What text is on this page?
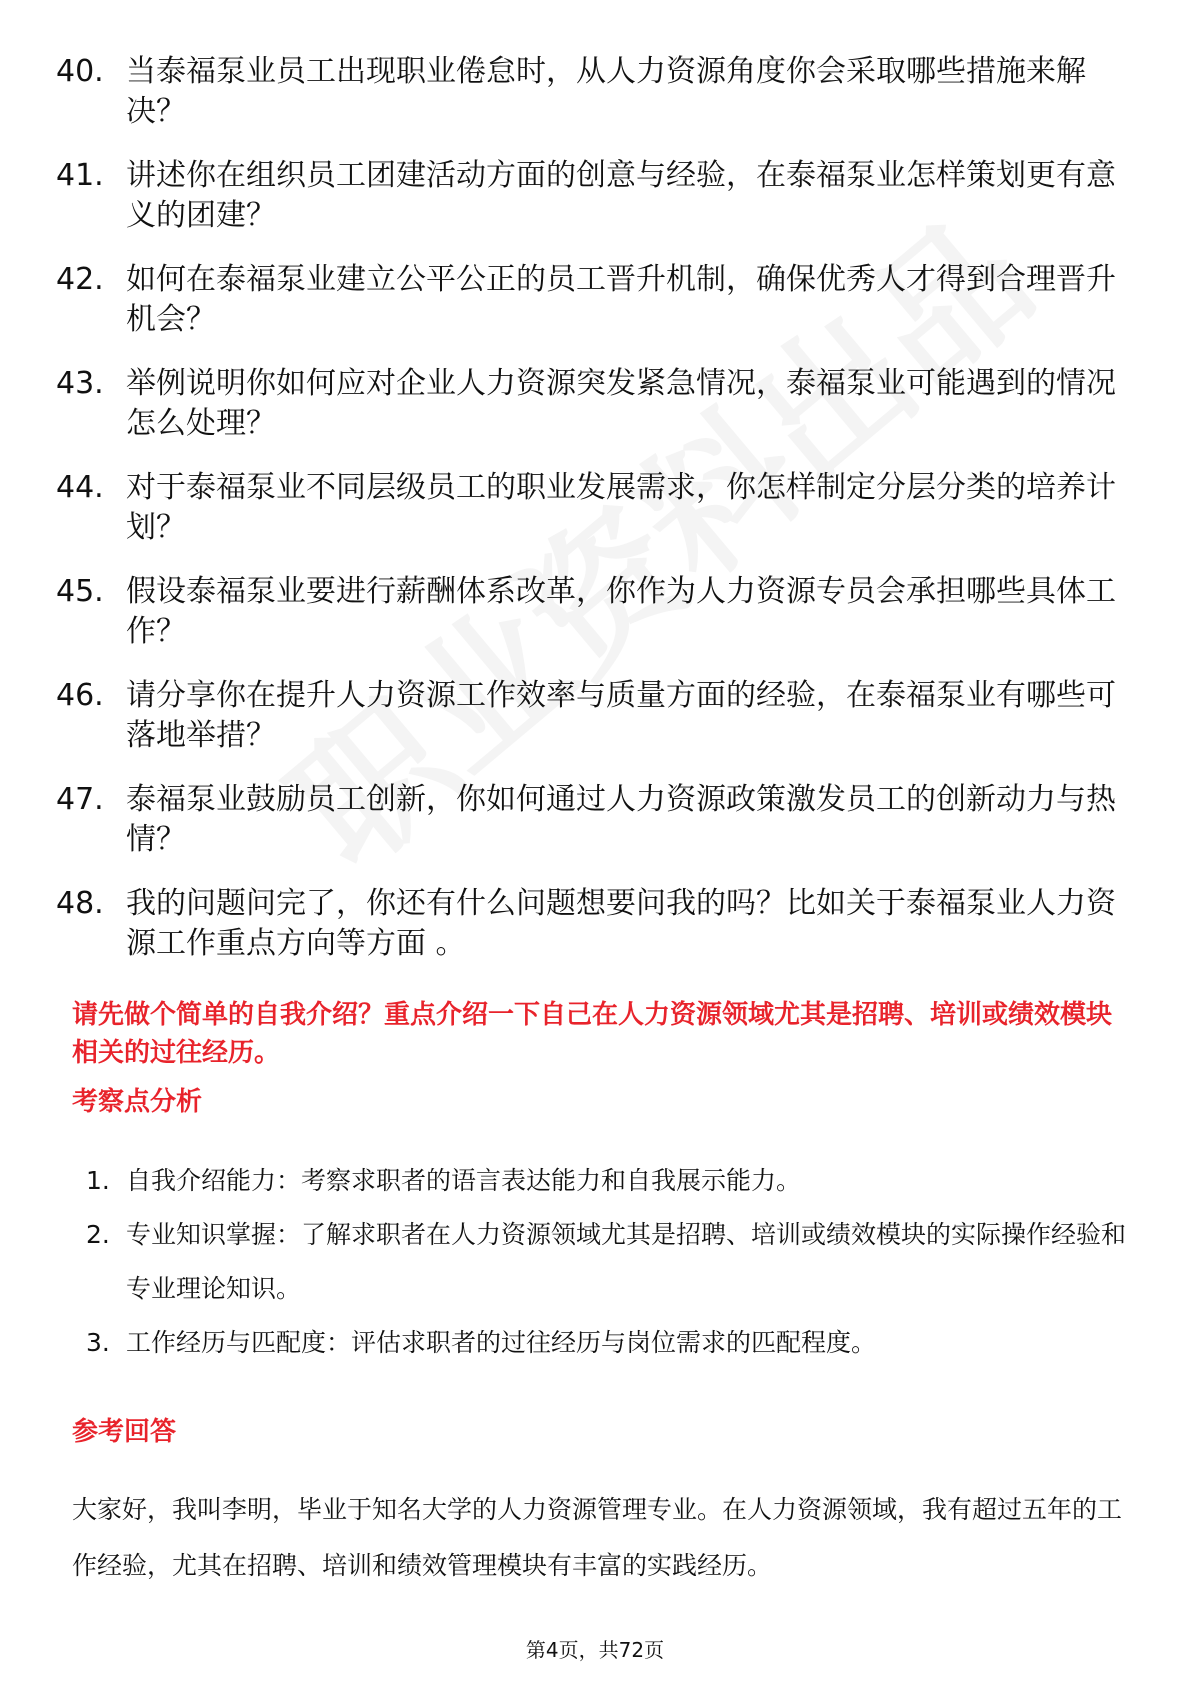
40. 当泰福泵业员工出现职业倦怠时，从人力资源角度你会采取哪些措施来解决？
41. 讲述你在组织员工团建活动方面的创意与经验，在泰福泵业怎样策划更有意义的团建？
42. 如何在泰福泵业建立公平公正的员工晋升机制，确保优秀人才得到合理晋升机会？
43. 举例说明你如何应对企业人力资源突发紧急情况，泰福泵业可能遇到的情况怎么处理？
44. 对于泰福泵业不同层级员工的职业发展需求，你怎样制定分层分类的培养计划？
45. 假设泰福泵业要进行薪酬体系改革，你作为人力资源专员会承担哪些具体工作？
46. 请分享你在提升人力资源工作效率与质量方面的经验，在泰福泵业有哪些可落地举措？
47. 泰福泵业鼓励员工创新，你如何通过人力资源政策激发员工的创新动力与热情？
48. 我的问题问完了，你还有什么问题想要问我的吗？比如关于泰福泵业人力资源工作重点方向等方面 。
请先做个简单的自我介绍？重点介绍一下自己在人力资源领域尤其是招聘、培训或绩效模块相关的过往经历。
考察点分析
1. 自我介绍能力：考察求职者的语言表达能力和自我展示能力。
2. 专业知识掌握：了解求职者在人力资源领域尤其是招聘、培训或绩效模块的实际操作经验和专业理论知识。
3. 工作经历与匹配度：评估求职者的过往经历与岗位需求的匹配程度。
参考回答
大家好，我叫李明，毕业于知名大学的人力资源管理专业。在人力资源领域，我有超过五年的工作经验，尤其在招聘、培训和绩效管理模块有丰富的实践经历。
第4页，共72页
